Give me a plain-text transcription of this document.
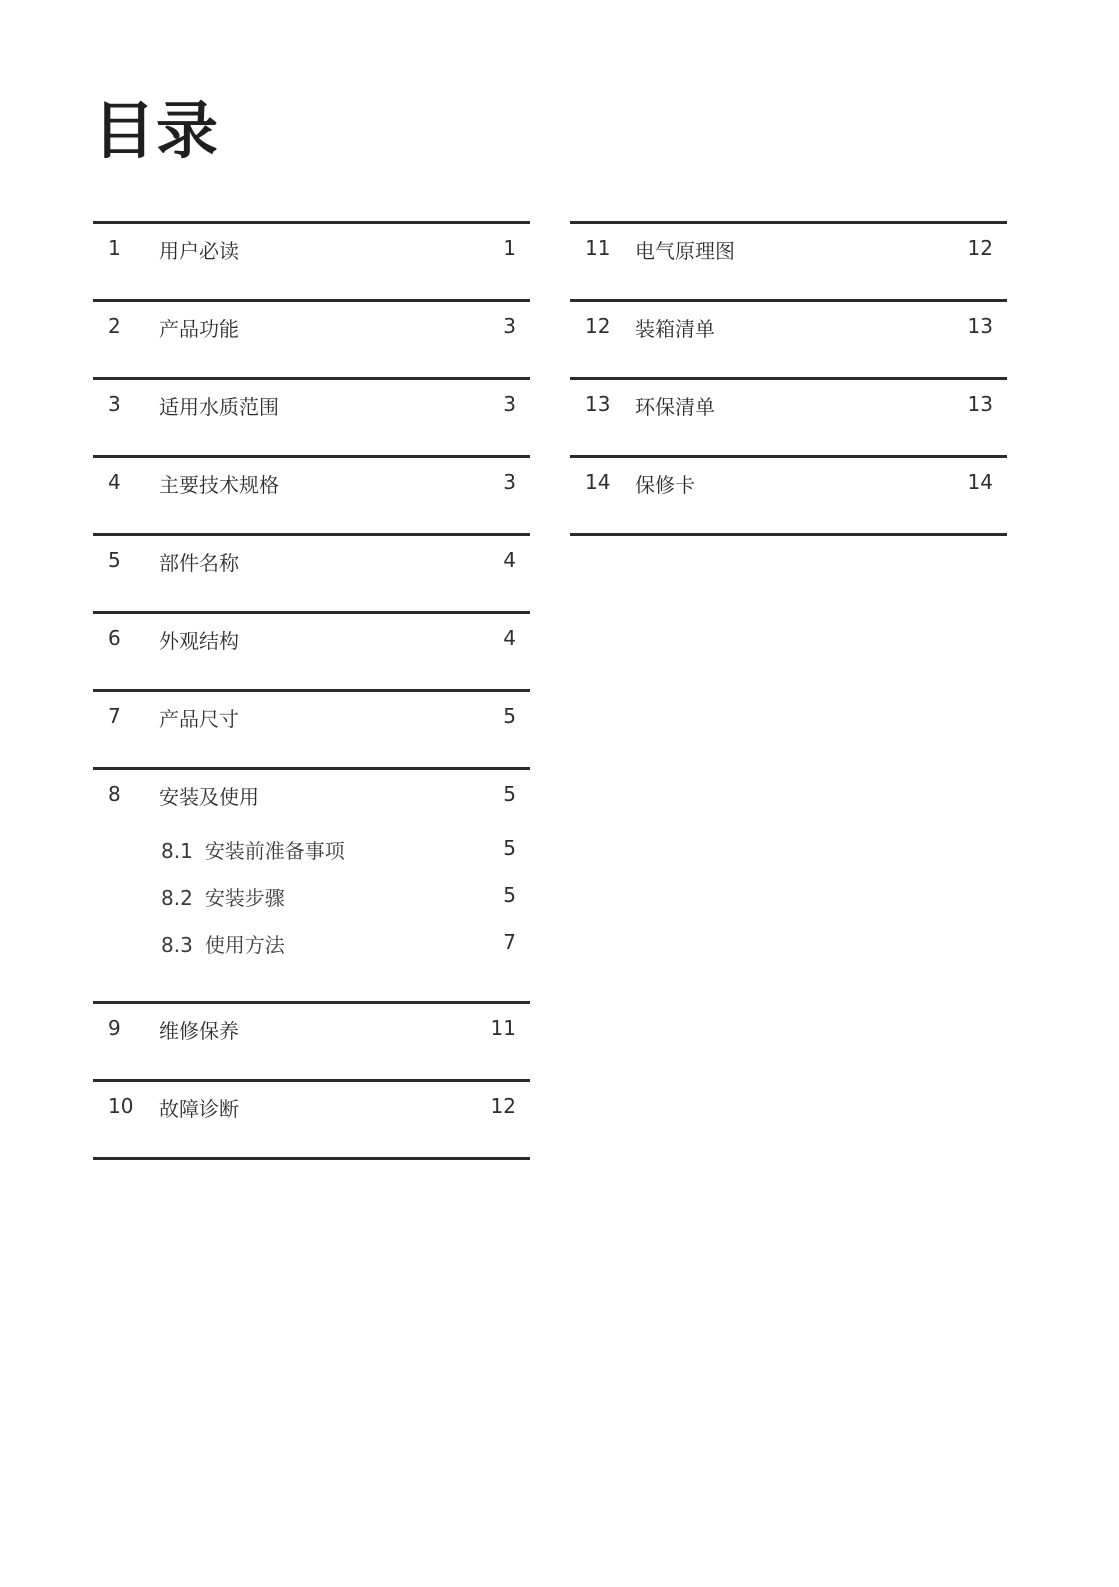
目录
1 用户必读	1
2 产品功能	3
3 适用水质范围	3
4 主要技术规格	3
5 部件名称	4
6 外观结构	4
7 产品尺寸	5
8 安装及使用	5
8.1 安装前准备事项	5
8.2 安装步骤	5
8.3 使用方法	7
9 维修保养	11
10 故障诊断	12
11 电气原理图	12
12 装箱清单	13
13 环保清单	13
14 保修卡	14
